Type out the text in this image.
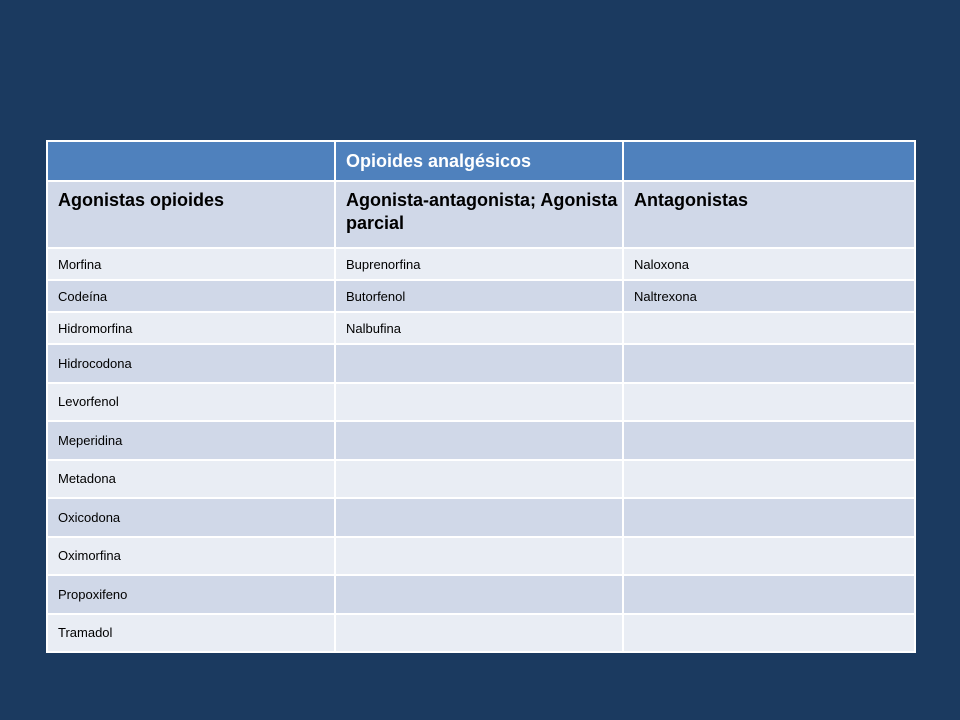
	Opioides analgésicos	
Agonistas opioides	Agonista-antagonista; Agonista parcial	Antagonistas
Morfina	Buprenorfina	Naloxona
Codeína	Butorfenol	Naltrexona
Hidromorfina	Nalbufina	
Hidrocodona		
Levorfenol		
Meperidina		
Metadona		
Oxicodona		
Oximorfina		
Propoxifeno		
Tramadol		
